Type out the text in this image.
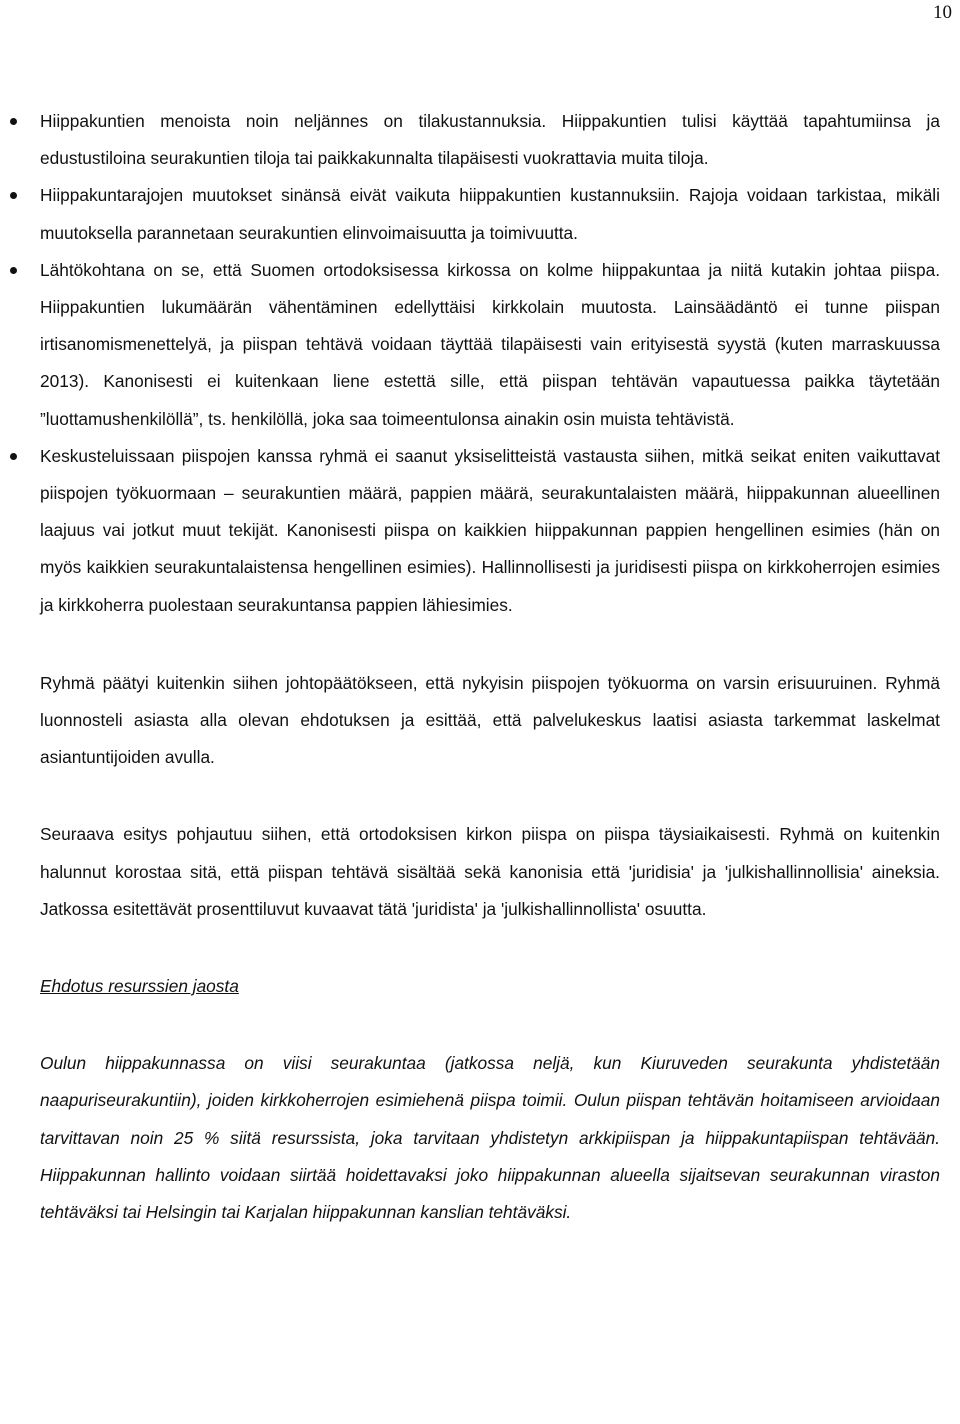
10
Hiippakuntien menoista noin neljännes on tilakustannuksia. Hiippakuntien tulisi käyttää tapahtumiinsa ja edustustiloina seurakuntien tiloja tai paikkakunnalta tilapäisesti vuokrattavia muita tiloja.
Hiippakuntarajojen muutokset sinänsä eivät vaikuta hiippakuntien kustannuksiin. Rajoja voidaan tarkistaa, mikäli muutoksella parannetaan seurakuntien elinvoimaisuutta ja toimivuutta.
Lähtökohtana on se, että Suomen ortodoksisessa kirkossa on kolme hiippakuntaa ja niitä kutakin johtaa piispa. Hiippakuntien lukumäärän vähentäminen edellyttäisi kirkkolain muutosta. Lainsäädäntö ei tunne piispan irtisanomismenettelyä, ja piispan tehtävä voidaan täyttää tilapäisesti vain erityisestä syystä (kuten marraskuussa 2013). Kanonisesti ei kuitenkaan liene estettä sille, että piispan tehtävän vapautuessa paikka täytetään ”luottamushenkilöllä”, ts. henkilöllä, joka saa toimeentulonsa ainakin osin muista tehtävistä.
Keskusteluissaan piispojen kanssa ryhmä ei saanut yksiselitteistä vastausta siihen, mitkä seikat eniten vaikuttavat piispojen työkuormaan – seurakuntien määrä, pappien määrä, seurakuntalaisten määrä, hiippakunnan alueellinen laajuus vai jotkut muut tekijät. Kanonisesti piispa on kaikkien hiippakunnan pappien hengellinen esimies (hän on myös kaikkien seurakuntalaistensa hengellinen esimies). Hallinnollisesti ja juridisesti piispa on kirkkoherrojen esimies ja kirkkoherra puolestaan seurakuntansa pappien lähiesimies.

Ryhmä päätyi kuitenkin siihen johtopäätökseen, että nykyisin piispojen työkuorma on varsin erisuuruinen. Ryhmä luonnosteli asiasta alla olevan ehdotuksen ja esittää, että palvelukeskus laatisi asiasta tarkemmat laskelmat asiantuntijoiden avulla.

Seuraava esitys pohjautuu siihen, että ortodoksisen kirkon piispa on piispa täysiaikaisesti. Ryhmä on kuitenkin halunnut korostaa sitä, että piispan tehtävä sisältää sekä kanonisia että 'juridisia' ja 'julkishallinnollisia' aineksia. Jatkossa esitettävät prosenttiluvut kuvaavat tätä 'juridista' ja 'julkishallinnollista' osuutta.

Ehdotus resurssien jaosta

Oulun hiippakunnassa on viisi seurakuntaa (jatkossa neljä, kun Kiuruveden seurakunta yhdistetään naapuriseurakuntiin), joiden kirkkoherrojen esimiehenä piispa toimii. Oulun piispan tehtävän hoitamiseen arvioidaan tarvittavan noin 25 % siitä resurssista, joka tarvitaan yhdistetyn arkkipiispan ja hiippakuntapiispan tehtävään. Hiippakunnan hallinto voidaan siirtää hoidettavaksi joko hiippakunnan alueella sijaitsevan seurakunnan viraston tehtäväksi tai Helsingin tai Karjalan hiippakunnan kanslian tehtäväksi.
